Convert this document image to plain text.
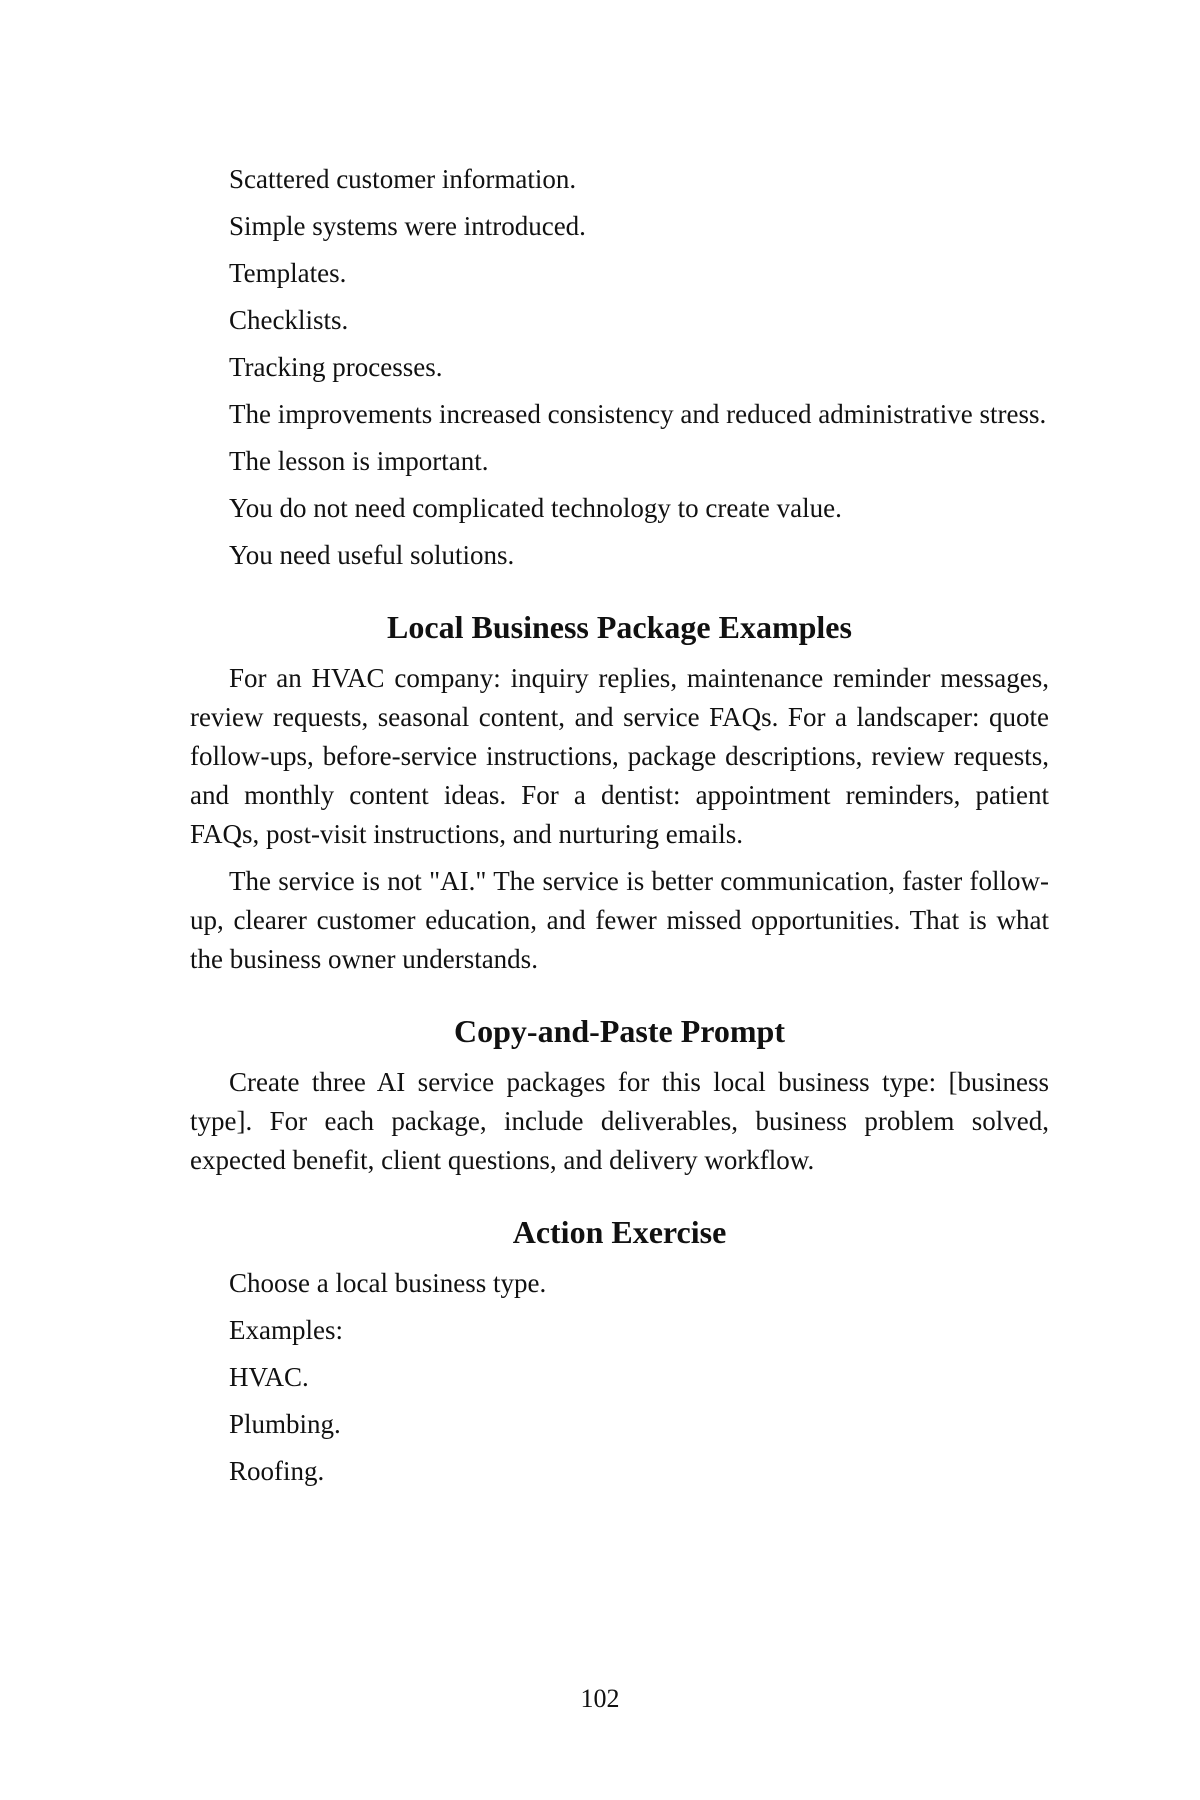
Scattered customer information.

Simple systems were introduced.

Templates.

Checklists.

Tracking processes.

The improvements increased consistency and reduced administrative stress.

The lesson is important.

You do not need complicated technology to create value.

You need useful solutions.

Local Business Package Examples

For an HVAC company: inquiry replies, maintenance reminder messages, review requests, seasonal content, and service FAQs. For a landscaper: quote follow-ups, before-service instructions, package descriptions, review requests, and monthly content ideas. For a dentist: appointment reminders, patient FAQs, post-visit instructions, and nurturing emails.

The service is not "AI." The service is better communication, faster follow-up, clearer customer education, and fewer missed opportunities. That is what the business owner understands.

Copy-and-Paste Prompt

Create three AI service packages for this local business type: [business type]. For each package, include deliverables, business problem solved, expected benefit, client questions, and delivery workflow.

Action Exercise

Choose a local business type.

Examples:

HVAC.

Plumbing.

Roofing.

102
